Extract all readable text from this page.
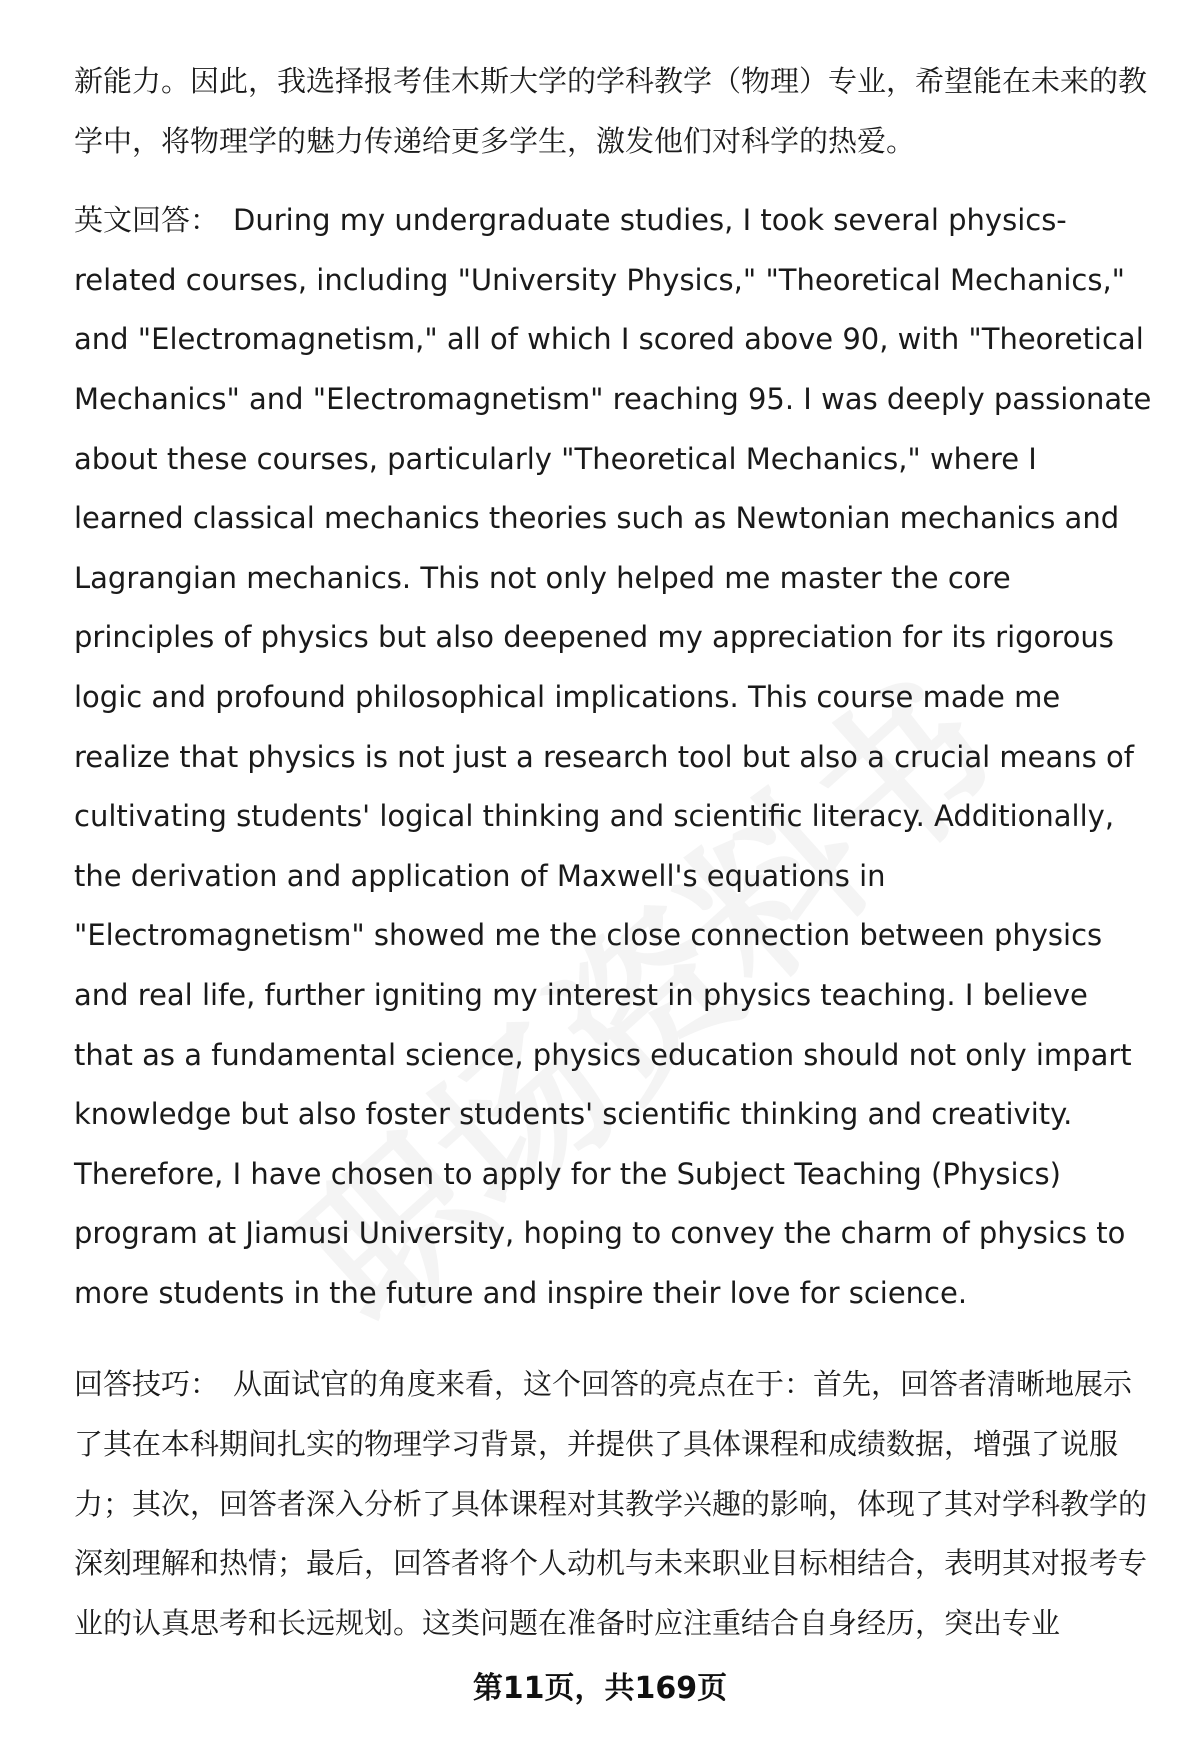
新能力。因此，我选择报考佳木斯大学的学科教学（物理）专业，希望能在未来的教学中，将物理学的魅力传递给更多学生，激发他们对科学的热爱。

英文回答： During my undergraduate studies, I took several physics-related courses, including "University Physics," "Theoretical Mechanics," and "Electromagnetism," all of which I scored above 90, with "Theoretical Mechanics" and "Electromagnetism" reaching 95. I was deeply passionate about these courses, particularly "Theoretical Mechanics," where I learned classical mechanics theories such as Newtonian mechanics and Lagrangian mechanics. This not only helped me master the core principles of physics but also deepened my appreciation for its rigorous logic and profound philosophical implications. This course made me realize that physics is not just a research tool but also a crucial means of cultivating students' logical thinking and scientific literacy. Additionally, the derivation and application of Maxwell's equations in "Electromagnetism" showed me the close connection between physics and real life, further igniting my interest in physics teaching. I believe that as a fundamental science, physics education should not only impart knowledge but also foster students' scientific thinking and creativity. Therefore, I have chosen to apply for the Subject Teaching (Physics) program at Jiamusi University, hoping to convey the charm of physics to more students in the future and inspire their love for science.

回答技巧： 从面试官的角度来看，这个回答的亮点在于：首先，回答者清晰地展示了其在本科期间扎实的物理学习背景，并提供了具体课程和成绩数据，增强了说服力；其次，回答者深入分析了具体课程对其教学兴趣的影响，体现了其对学科教学的深刻理解和热情；最后，回答者将个人动机与未来职业目标相结合，表明其对报考专业的认真思考和长远规划。这类问题在准备时应注重结合自身经历，突出专业

第11页，共169页
